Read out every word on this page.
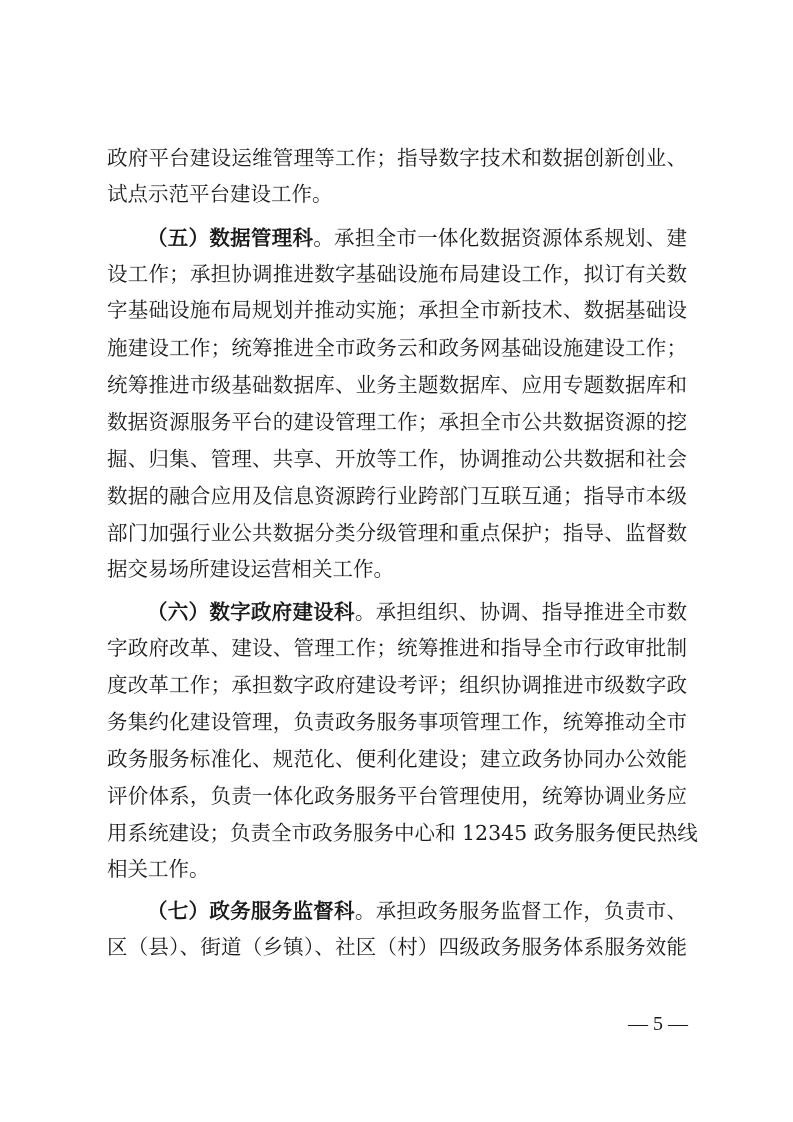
政府平台建设运维管理等工作；指导数字技术和数据创新创业、
试点示范平台建设工作。
（五）数据管理科。承担全市一体化数据资源体系规划、建
设工作；承担协调推进数字基础设施布局建设工作，拟订有关数
字基础设施布局规划并推动实施；承担全市新技术、数据基础设
施建设工作；统筹推进全市政务云和政务网基础设施建设工作；
统筹推进市级基础数据库、业务主题数据库、应用专题数据库和
数据资源服务平台的建设管理工作；承担全市公共数据资源的挖
掘、归集、管理、共享、开放等工作，协调推动公共数据和社会
数据的融合应用及信息资源跨行业跨部门互联互通；指导市本级
部门加强行业公共数据分类分级管理和重点保护；指导、监督数
据交易场所建设运营相关工作。
（六）数字政府建设科。承担组织、协调、指导推进全市数
字政府改革、建设、管理工作；统筹推进和指导全市行政审批制
度改革工作；承担数字政府建设考评；组织协调推进市级数字政
务集约化建设管理，负责政务服务事项管理工作，统筹推动全市
政务服务标准化、规范化、便利化建设；建立政务协同办公效能
评价体系，负责一体化政务服务平台管理使用，统筹协调业务应
用系统建设；负责全市政务服务中心和 12345 政务服务便民热线
相关工作。
（七）政务服务监督科。承担政务服务监督工作，负责市、
区（县）、街道（乡镇）、社区（村）四级政务服务体系服务效能
— 5 —
